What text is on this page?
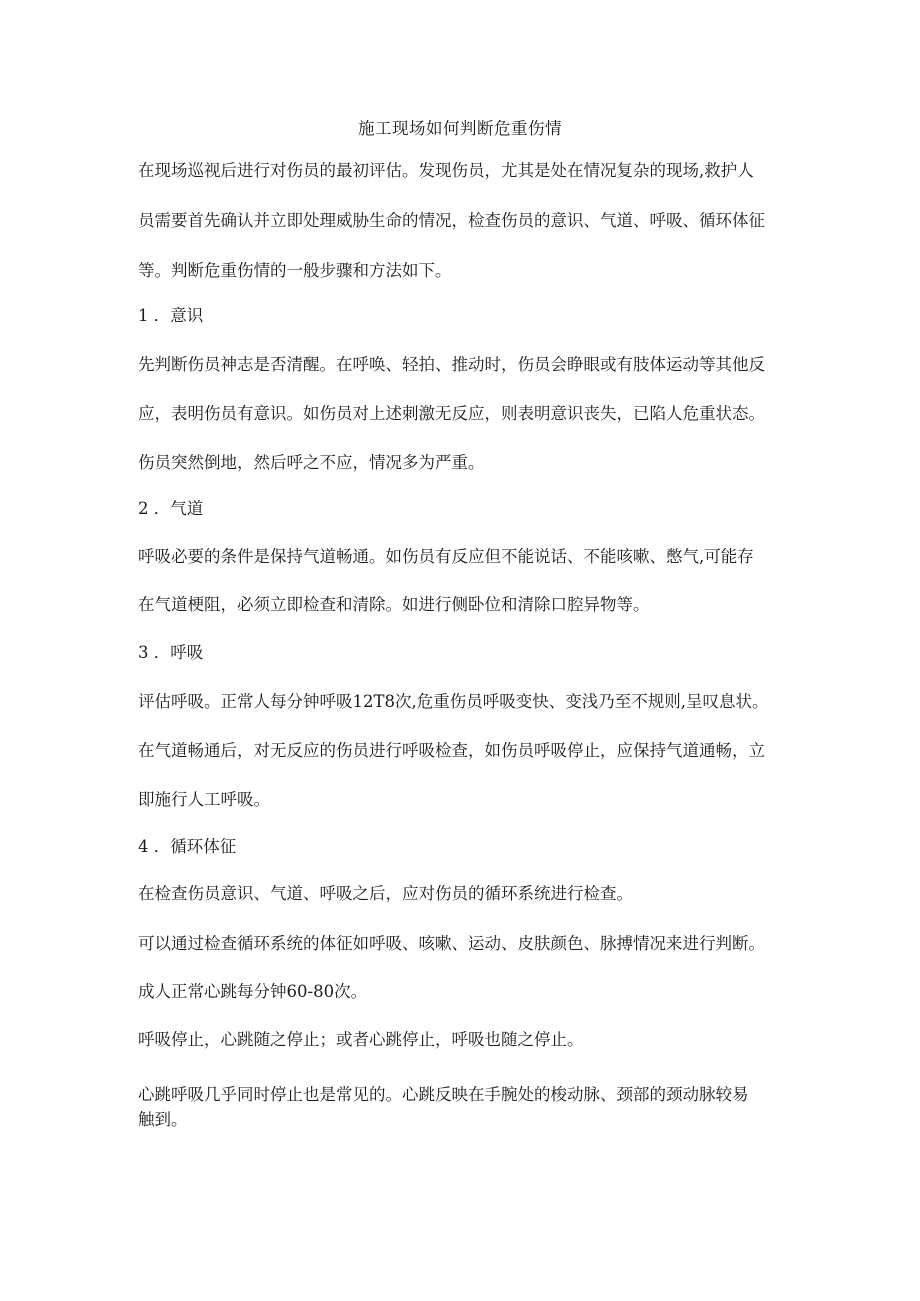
施工现场如何判断危重伤情
在现场巡视后进行对伤员的最初评估。发现伤员，尤其是处在情况复杂的现场,救护人
员需要首先确认并立即处理威胁生命的情况，检查伤员的意识、气道、呼吸、循环体征
等。判断危重伤情的一般步骤和方法如下。
1 ．意识
先判断伤员神志是否清醒。在呼唤、轻拍、推动时，伤员会睁眼或有肢体运动等其他反
应，表明伤员有意识。如伤员对上述刺激无反应，则表明意识丧失，已陷人危重状态。
伤员突然倒地，然后呼之不应，情况多为严重。
2 ．气道
呼吸必要的条件是保持气道畅通。如伤员有反应但不能说话、不能咳嗽、憋气,可能存
在气道梗阻，必须立即检查和清除。如进行侧卧位和清除口腔异物等。
3 ．呼吸
评估呼吸。正常人每分钟呼吸12T8次,危重伤员呼吸变快、变浅乃至不规则,呈叹息状。
在气道畅通后，对无反应的伤员进行呼吸检查，如伤员呼吸停止，应保持气道通畅，立
即施行人工呼吸。
4 ．循环体征
在检查伤员意识、气道、呼吸之后，应对伤员的循环系统进行检查。
可以通过检查循环系统的体征如呼吸、咳嗽、运动、皮肤颜色、脉搏情况来进行判断。
成人正常心跳每分钟60-80次。
呼吸停止，心跳随之停止；或者心跳停止，呼吸也随之停止。
心跳呼吸几乎同时停止也是常见的。心跳反映在手腕处的梭动脉、颈部的颈动脉较易
触到。
